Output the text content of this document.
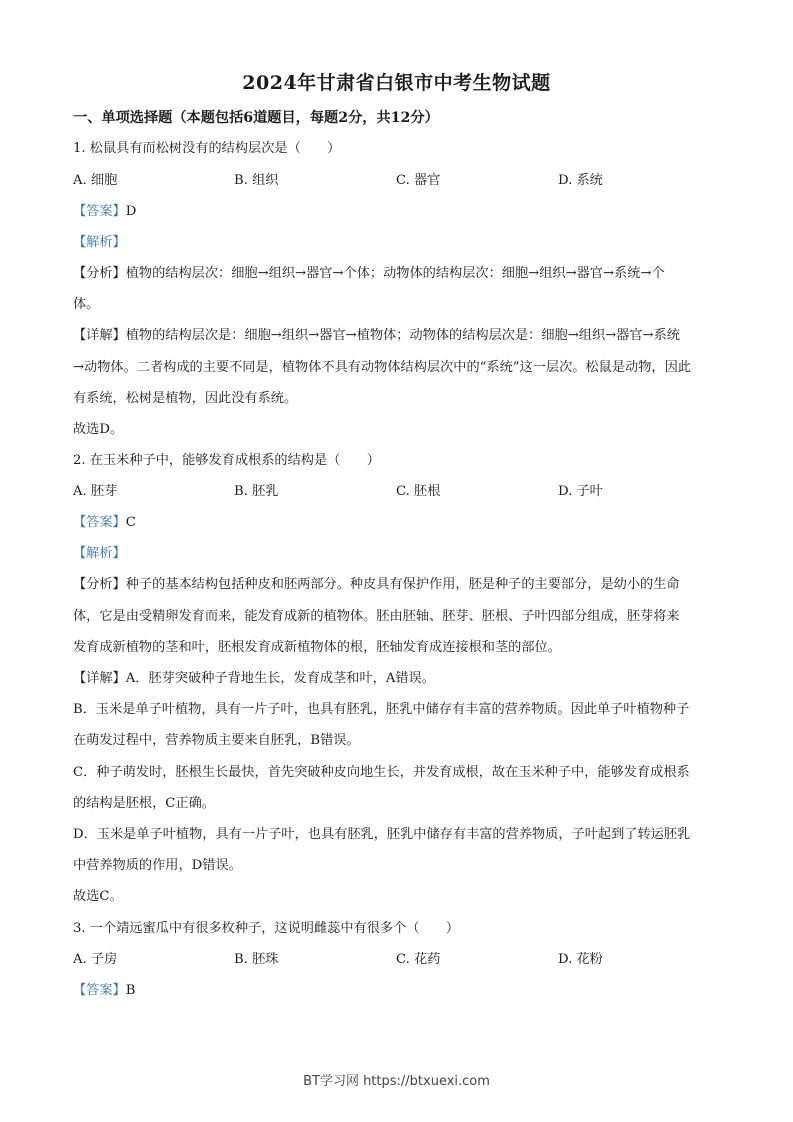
2024年甘肃省白银市中考生物试题
一、单项选择题（本题包括6道题目，每题2分，共12分）
1. 松鼠具有而松树没有的结构层次是（　　）
A. 细胞	B. 组织	C. 器官	D. 系统
【答案】D
【解析】
【分析】植物的结构层次：细胞→组织→器官→个体；动物体的结构层次：细胞→组织→器官→系统→个
体。
【详解】植物的结构层次是：细胞→组织→器官→植物体；动物体的结构层次是：细胞→组织→器官→系统
→动物体。二者构成的主要不同是，植物体不具有动物体结构层次中的“系统”这一层次。松鼠是动物，因此
有系统，松树是植物，因此没有系统。
故选D。
2. 在玉米种子中，能够发育成根系的结构是（　　）
A. 胚芽	B. 胚乳	C. 胚根	D. 子叶
【答案】C
【解析】
【分析】种子的基本结构包括种皮和胚两部分。种皮具有保护作用，胚是种子的主要部分，是幼小的生命
体，它是由受精卵发育而来，能发育成新的植物体。胚由胚轴、胚芽、胚根、子叶四部分组成，胚芽将来
发育成新植物的茎和叶，胚根发育成新植物体的根，胚轴发育成连接根和茎的部位。
【详解】A．胚芽突破种子背地生长，发育成茎和叶，A错误。
B．玉米是单子叶植物，具有一片子叶，也具有胚乳，胚乳中储存有丰富的营养物质。因此单子叶植物种子
在萌发过程中，营养物质主要来自胚乳，B错误。
C．种子萌发时，胚根生长最快，首先突破种皮向地生长，并发育成根，故在玉米种子中，能够发育成根系
的结构是胚根，C正确。
D．玉米是单子叶植物，具有一片子叶，也具有胚乳，胚乳中储存有丰富的营养物质，子叶起到了转运胚乳
中营养物质的作用，D错误。
故选C。
3. 一个靖远蜜瓜中有很多枚种子，这说明雌蕊中有很多个（　　）
A. 子房	B. 胚珠	C. 花药	D. 花粉
【答案】B
BT学习网 https://btxuexi.com
